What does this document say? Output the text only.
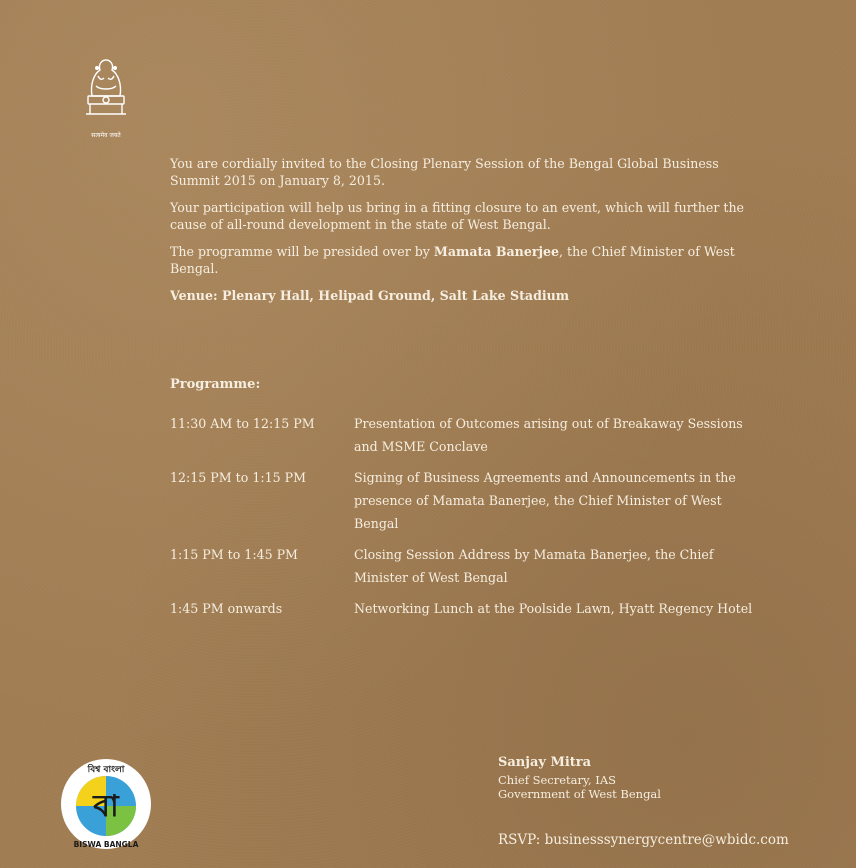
सत्यमेव जयते

You are cordially invited to the Closing Plenary Session of the Bengal Global Business Summit 2015 on January 8, 2015.

Your participation will help us bring in a fitting closure to an event, which will further the cause of all-round development in the state of West Bengal.

The programme will be presided over by Mamata Banerjee, the Chief Minister of West Bengal.

Venue: Plenary Hall, Helipad Ground, Salt Lake Stadium

Programme:
11:30 AM to 12:15 PM	Presentation of Outcomes arising out of Breakaway Sessions and MSME Conclave
12:15 PM to 1:15 PM	Signing of Business Agreements and Announcements in the presence of Mamata Banerjee, the Chief Minister of West Bengal
1:15 PM to 1:45 PM	Closing Session Address by Mamata Banerjee, the Chief Minister of West Bengal
1:45 PM onwards	Networking Lunch at the Poolside Lawn, Hyatt Regency Hotel
Sanjay Mitra
Chief Secretary, IAS
Government of West Bengal
RSVP: businesssynergycentre@wbidc.com
বা
বিশ্ব বাংলা
BISWA BANGLA
